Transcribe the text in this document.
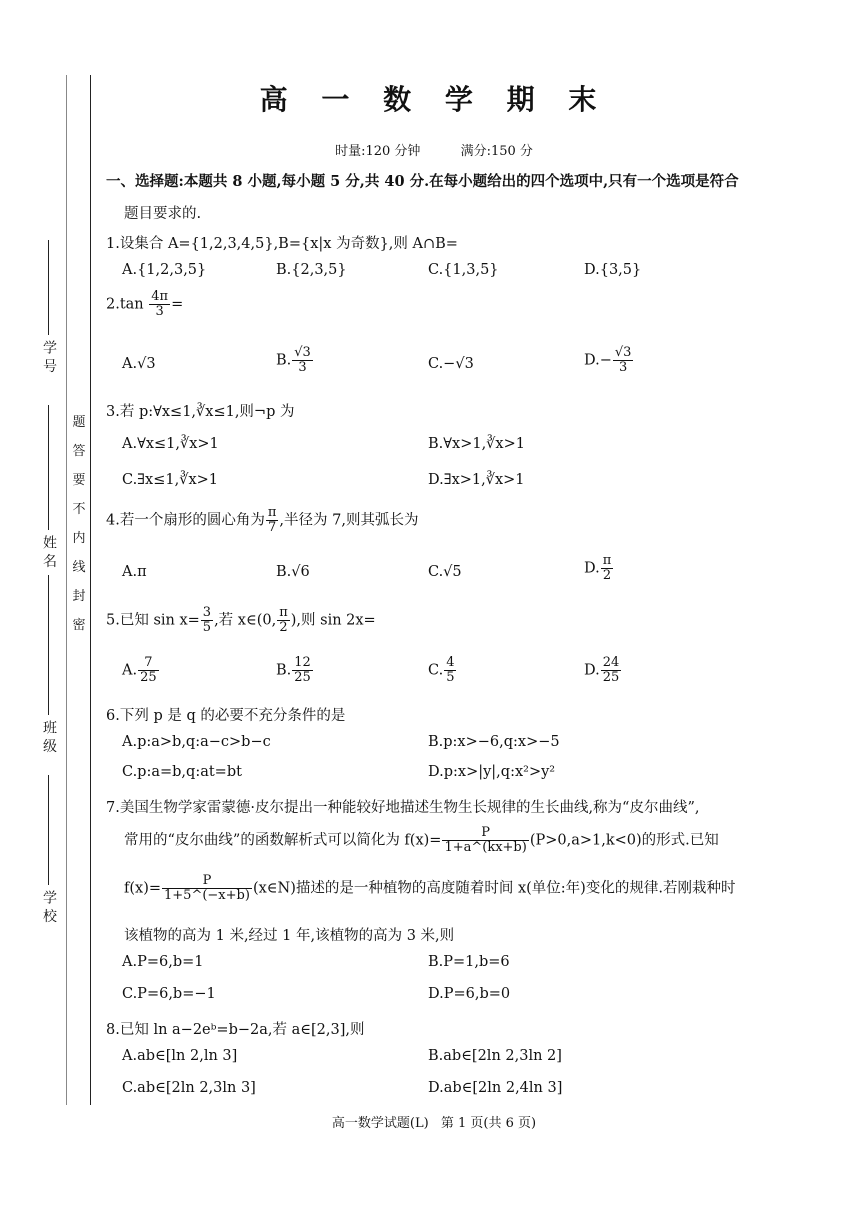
学 号
姓 名
班 级
学 校
题
答
要
不
内
线
封
密
高 一 数 学 期 末
时量:120 分钟	满分:150 分
一、选择题:本题共 8 小题,每小题 5 分,共 40 分.在每小题给出的四个选项中,只有一个选项是符合
题目要求的.
1.设集合 A={1,2,3,4,5},B={x|x 为奇数},则 A∩B=
A.{1,2,3,5}	B.{2,3,5}	C.{1,3,5}	D.{3,5}
$2.\tan \frac{4\pi}{3}$ =
A.√3	B. $\frac{√3}{3}$	C.−√3	$D.- \frac{√3}{3}$
3.若 p:∀x≤1,∛x≤1,则¬p 为
A.∀x≤1,∛x>1	B.∀x>1,∛x>1
C.∃x≤1,∛x>1	D.∃x>1,∛x>1
4.若一个扇形的圆心角为 $\frac{\pi}{7}$ ,半径为 7,则其弧长为
A.π	B.√6	C.√5	D. $\frac{\pi}{2}$
5.已知 $\sin x= \frac{3}{5}$ ,若 x∈(0, $\frac{\pi}{2}$ ),则 sin 2x=
A. $\frac{7}{25}$	B. $\frac{12}{25}$	C. $\frac{4}{5}$	D. $\frac{24}{25}$
6.下列 p 是 q 的必要不充分条件的是
A.p:a>b,q:a−c>b−c	B.p:x>−6,q:x>−5
C.p:a=b,q:at=bt	D.p:x>|y|,q:x²>y²
7.美国生物学家雷蒙德·皮尔提出一种能较好地描述生物生长规律的生长曲线,称为“皮尔曲线”,
常用的“皮尔曲线”的函数解析式可以简化为 $f(x)= \frac{P}{1+a\^{}(kx+b)} (P>0,a>1,k<0)$的形式.已知
$f(x)= \frac{P}{1+5\^{}(-x+b)}$ (x∈N)描述的是一种植物的高度随着时间 x(单位:年)变化的规律.若刚栽种时
该植物的高为 1 米,经过 1 年,该植物的高为 3 米,则
A.P=6,b=1	B.P=1,b=6
C.P=6,b=−1	D.P=6,b=0
8.已知 ln a−2eᵇ=b−2a,若 a∈[2,3],则
A.ab∈[ln 2,ln 3]	B.ab∈[2ln 2,3ln 2]
C.ab∈[2ln 2,3ln 3]	D.ab∈[2ln 2,4ln 3]
高一数学试题(L) 第 1 页(共 6 页)
